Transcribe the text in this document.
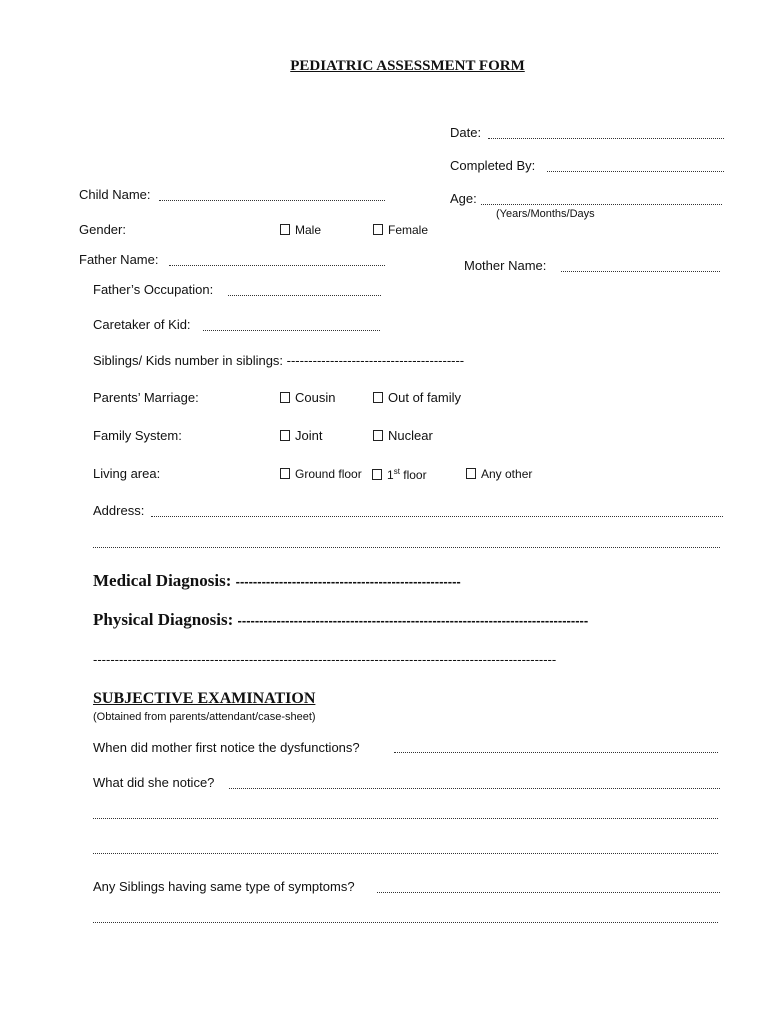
PEDIATRIC ASSESSMENT FORM
Date:
Completed By:
Child Name:	Age:
(Years/Months/Days
Gender:	Male	Female
Father Name:	Mother Name:
Father’s Occupation:
Caretaker of Kid:
Siblings/ Kids number in siblings: -----------------------------------------
Parents’ Marriage:	Cousin	Out of family
Family System:	Joint	Nuclear
Living area:	Ground floor	1st floor	Any other
Address:
Medical Diagnosis: ----------------------------------------------------
Physical Diagnosis: ---------------------------------------------------------------------------------
-----------------------------------------------------------------------------------------------------------
SUBJECTIVE EXAMINATION
(Obtained from parents/attendant/case-sheet)
When did mother first notice the dysfunctions?
What did she notice?
Any Siblings having same type of symptoms?
